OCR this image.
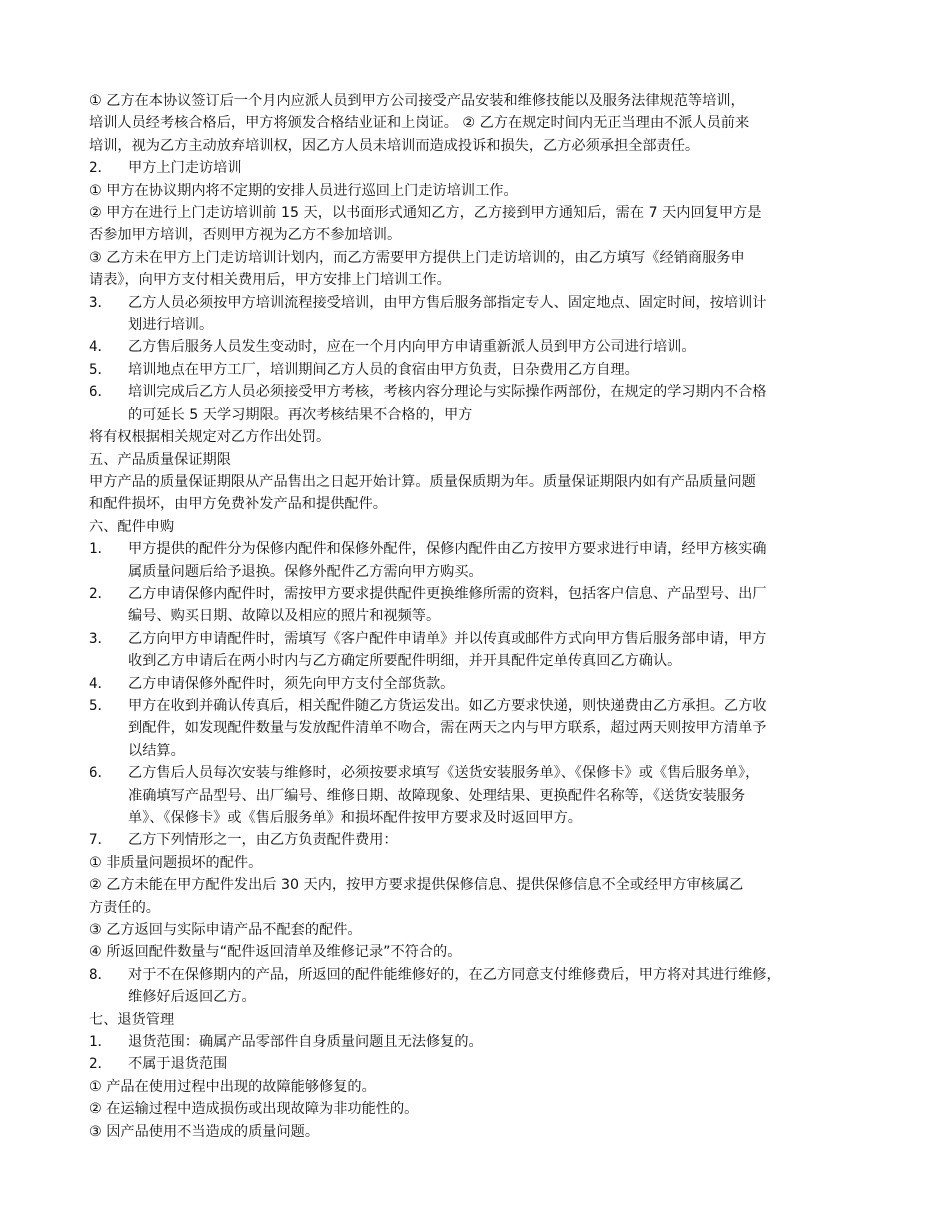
① 乙方在本协议签订后一个月内应派人员到甲方公司接受产品安装和维修技能以及服务法律规范等培训，
培训人员经考核合格后，甲方将颁发合格结业证和上岗证。 ② 乙方在规定时间内无正当理由不派人员前来
培训，视为乙方主动放弃培训权，因乙方人员未培训而造成投诉和损失，乙方必须承担全部责任。
2．	甲方上门走访培训
① 甲方在协议期内将不定期的安排人员进行巡回上门走访培训工作。
② 甲方在进行上门走访培训前 15 天，以书面形式通知乙方，乙方接到甲方通知后，需在 7 天内回复甲方是
否参加甲方培训，否则甲方视为乙方不参加培训。
③ 乙方未在甲方上门走访培训计划内，而乙方需要甲方提供上门走访培训的，由乙方填写《经销商服务申
请表》，向甲方支付相关费用后，甲方安排上门培训工作。
3．	乙方人员必须按甲方培训流程接受培训，由甲方售后服务部指定专人、固定地点、固定时间，按培训计
划进行培训。
4．	乙方售后服务人员发生变动时，应在一个月内向甲方申请重新派人员到甲方公司进行培训。
5．	培训地点在甲方工厂，培训期间乙方人员的食宿由甲方负责，日杂费用乙方自理。
6．	培训完成后乙方人员必须接受甲方考核，考核内容分理论与实际操作两部份，在规定的学习期内不合格
的可延长 5 天学习期限。再次考核结果不合格的，甲方
将有权根据相关规定对乙方作出处罚。
五、产品质量保证期限
甲方产品的质量保证期限从产品售出之日起开始计算。质量保质期为年。质量保证期限内如有产品质量问题
和配件损坏，由甲方免费补发产品和提供配件。
六、配件申购
1．	甲方提供的配件分为保修内配件和保修外配件，保修内配件由乙方按甲方要求进行申请，经甲方核实确
属质量问题后给予退换。保修外配件乙方需向甲方购买。
2．	乙方申请保修内配件时，需按甲方要求提供配件更换维修所需的资料，包括客户信息、产品型号、出厂
编号、购买日期、故障以及相应的照片和视频等。
3．	乙方向甲方申请配件时，需填写《客户配件申请单》并以传真或邮件方式向甲方售后服务部申请，甲方
收到乙方申请后在两小时内与乙方确定所要配件明细，并开具配件定单传真回乙方确认。
4．	乙方申请保修外配件时，须先向甲方支付全部货款。
5．	甲方在收到并确认传真后，相关配件随乙方货运发出。如乙方要求快递，则快递费由乙方承担。乙方收
到配件，如发现配件数量与发放配件清单不吻合，需在两天之内与甲方联系，超过两天则按甲方清单予
以结算。
6．	乙方售后人员每次安装与维修时，必须按要求填写《送货安装服务单》、《保修卡》或《售后服务单》，
准确填写产品型号、出厂编号、维修日期、故障现象、处理结果、更换配件名称等，《送货安装服务
单》、《保修卡》或《售后服务单》和损坏配件按甲方要求及时返回甲方。
7．	乙方下列情形之一，由乙方负责配件费用：
① 非质量问题损坏的配件。
② 乙方未能在甲方配件发出后 30 天内，按甲方要求提供保修信息、提供保修信息不全或经甲方审核属乙
方责任的。
③ 乙方返回与实际申请产品不配套的配件。
④ 所返回配件数量与“配件返回清单及维修记录”不符合的。
8．	对于不在保修期内的产品，所返回的配件能维修好的，在乙方同意支付维修费后，甲方将对其进行维修，
维修好后返回乙方。
七、退货管理
1．	退货范围：确属产品零部件自身质量问题且无法修复的。
2．	不属于退货范围
① 产品在使用过程中出现的故障能够修复的。
② 在运输过程中造成损伤或出现故障为非功能性的。
③ 因产品使用不当造成的质量问题。
